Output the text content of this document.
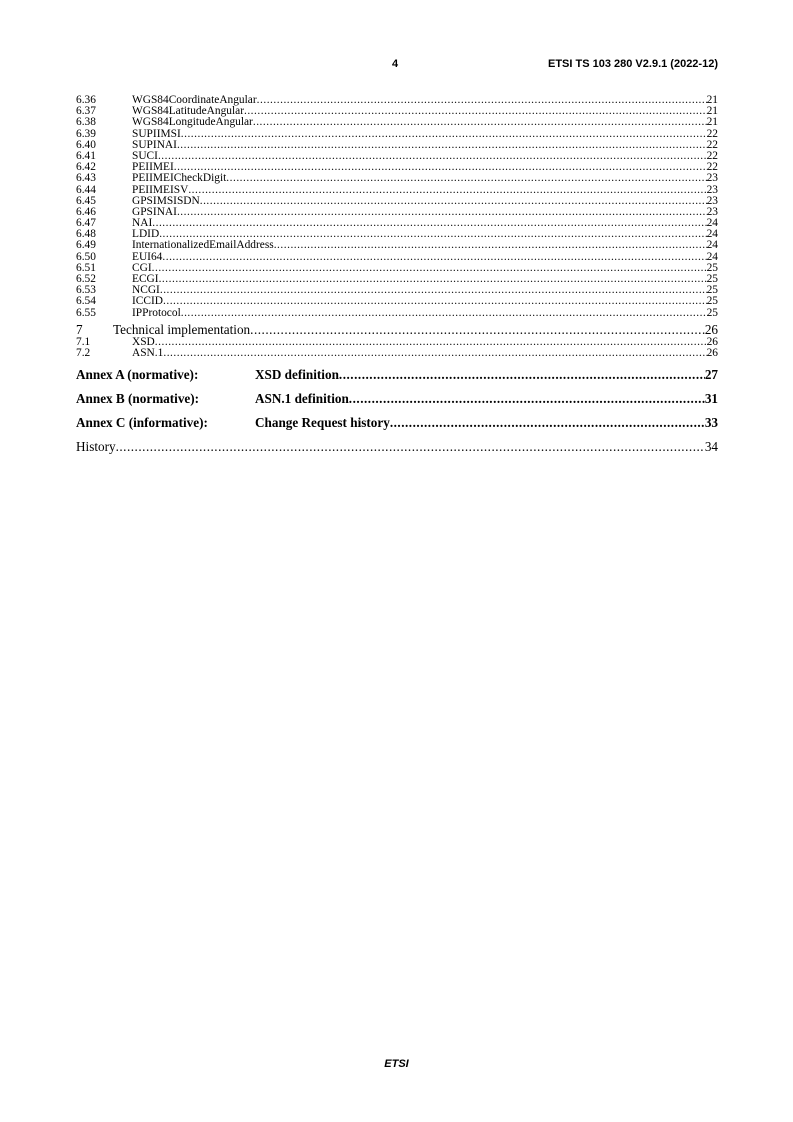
4	ETSI TS 103 280 V2.9.1 (2022-12)
6.36	WGS84CoordinateAngular .....	21
6.37	WGS84LatitudeAngular .....	21
6.38	WGS84LongitudeAngular .....	21
6.39	SUPIIMSI .....	22
6.40	SUPINAI .....	22
6.41	SUCI .....	22
6.42	PEIIMEI .....	22
6.43	PEIIMEICheckDigit .....	23
6.44	PEIIMEISV .....	23
6.45	GPSIMSISDN .....	23
6.46	GPSINAI .....	23
6.47	NAI .....	24
6.48	LDID .....	24
6.49	InternationalizedEmailAddress .....	24
6.50	EUI64 .....	24
6.51	CGI .....	25
6.52	ECGI .....	25
6.53	NCGI .....	25
6.54	ICCID .....	25
6.55	IPProtocol .....	25
7	Technical implementation .....	26
7.1	XSD .....	26
7.2	ASN.1 .....	26
Annex A (normative):	XSD definition .....	27
Annex B (normative):	ASN.1 definition .....	31
Annex C (informative):	Change Request history .....	33
History .....	34
ETSI
